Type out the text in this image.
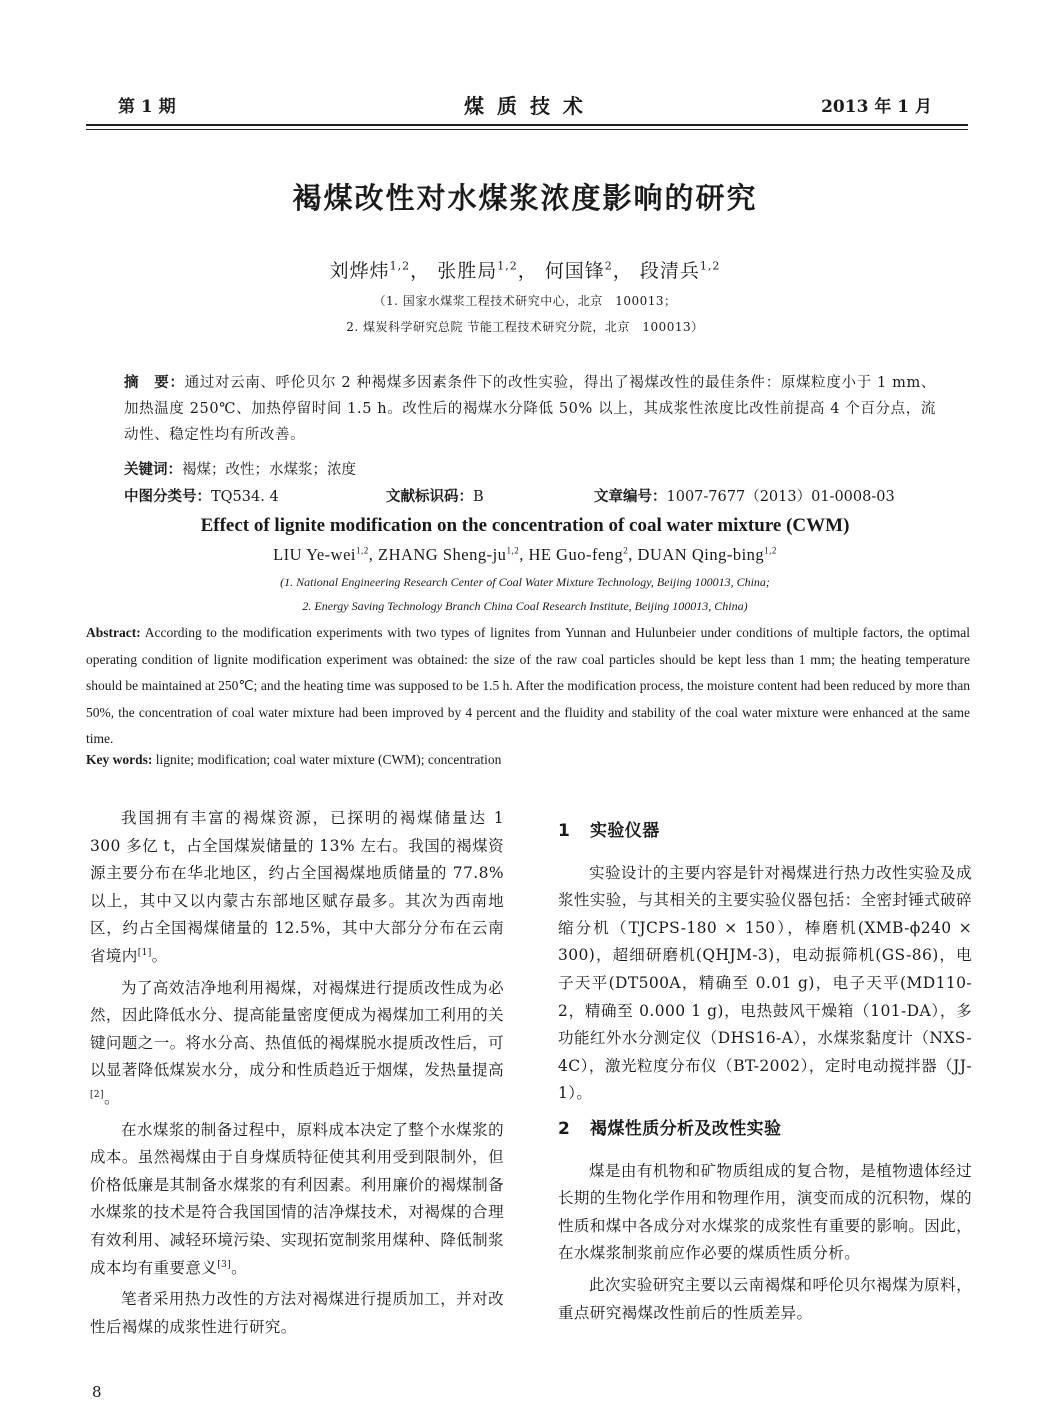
第 1 期	煤 质 技 术	2013 年 1 月
褐煤改性对水煤浆浓度影响的研究
刘烨炜$^{1,2}$， 张胜局$^{1,2}$， 何国锋$^2$， 段清兵$^{1,2}$
（1. 国家水煤浆工程技术研究中心，北京　100013；
2. 煤炭科学研究总院 节能工程技术研究分院，北京　100013）
摘　要：通过对云南、呼伦贝尔 2 种褐煤多因素条件下的改性实验，得出了褐煤改性的最佳条件：原煤粒度小于 1 mm、加热温度 250℃、加热停留时间 1.5 h。改性后的褐煤水分降低 50% 以上，其成浆性浓度比改性前提高 4 个百分点，流动性、稳定性均有所改善。
关键词：褐煤；改性；水煤浆；浓度
中图分类号：TQ534. 4	文献标识码：B	文章编号：1007-7677（2013）01-0008-03
Effect of lignite modification on the concentration of coal water mixture (CWM)
LIU Ye-wei$^{1,2}$, ZHANG Sheng-ju$^{1,2}$, HE Guo-feng$^2$, DUAN Qing-bing$^{1,2}$
(1. National Engineering Research Center of Coal Water Mixture Technology, Beijing 100013, China;
2. Energy Saving Technology Branch China Coal Research Institute, Beijing 100013, China)
Abstract: According to the modification experiments with two types of lignites from Yunnan and Hulunbeier under conditions of multiple factors, the optimal operating condition of lignite modification experiment was obtained: the size of the raw coal particles should be kept less than 1 mm; the heating temperature should be maintained at 250℃; and the heating time was supposed to be 1.5 h. After the modification process, the moisture content had been reduced by more than 50%, the concentration of coal water mixture had been improved by 4 percent and the fluidity and stability of the coal water mixture were enhanced at the same time.
Key words: lignite; modification; coal water mixture (CWM); concentration

我国拥有丰富的褐煤资源，已探明的褐煤储量达 1 300 多亿 t，占全国煤炭储量的 13% 左右。我国的褐煤资源主要分布在华北地区，约占全国褐煤地质储量的 77.8% 以上，其中又以内蒙古东部地区赋存最多。其次为西南地区，约占全国褐煤储量的 12.5%，其中大部分分布在云南省境内[1]。

为了高效洁净地利用褐煤，对褐煤进行提质改性成为必然，因此降低水分、提高能量密度便成为褐煤加工利用的关键问题之一。将水分高、热值低的褐煤脱水提质改性后，可以显著降低煤炭水分，成分和性质趋近于烟煤，发热量提高[2]。

在水煤浆的制备过程中，原料成本决定了整个水煤浆的成本。虽然褐煤由于自身煤质特征使其利用受到限制外，但价格低廉是其制备水煤浆的有利因素。利用廉价的褐煤制备水煤浆的技术是符合我国国情的洁净煤技术，对褐煤的合理有效利用、减轻环境污染、实现拓宽制浆用煤种、降低制浆成本均有重要意义[3]。

笔者采用热力改性的方法对褐煤进行提质加工，并对改性后褐煤的成浆性进行研究。

1 实验仪器

实验设计的主要内容是针对褐煤进行热力改性实验及成浆性实验，与其相关的主要实验仪器包括：全密封锤式破碎缩分机（TJCPS-180 × 150），棒磨机(XMB-ϕ240 × 300)，超细研磨机(QHJM-3)，电动振筛机(GS-86)，电子天平(DT500A，精确至 0.01 g)，电子天平(MD110-2，精确至 0.000 1 g)，电热鼓风干燥箱（101-DA），多功能红外水分测定仪（DHS16-A），水煤浆黏度计（NXS-4C），激光粒度分布仪（BT-2002），定时电动搅拌器（JJ-1）。

2 褐煤性质分析及改性实验

煤是由有机物和矿物质组成的复合物，是植物遗体经过长期的生物化学作用和物理作用，演变而成的沉积物，煤的性质和煤中各成分对水煤浆的成浆性有重要的影响。因此，在水煤浆制浆前应作必要的煤质性质分析。

此次实验研究主要以云南褐煤和呼伦贝尔褐煤为原料，重点研究褐煤改性前后的性质差异。

8
